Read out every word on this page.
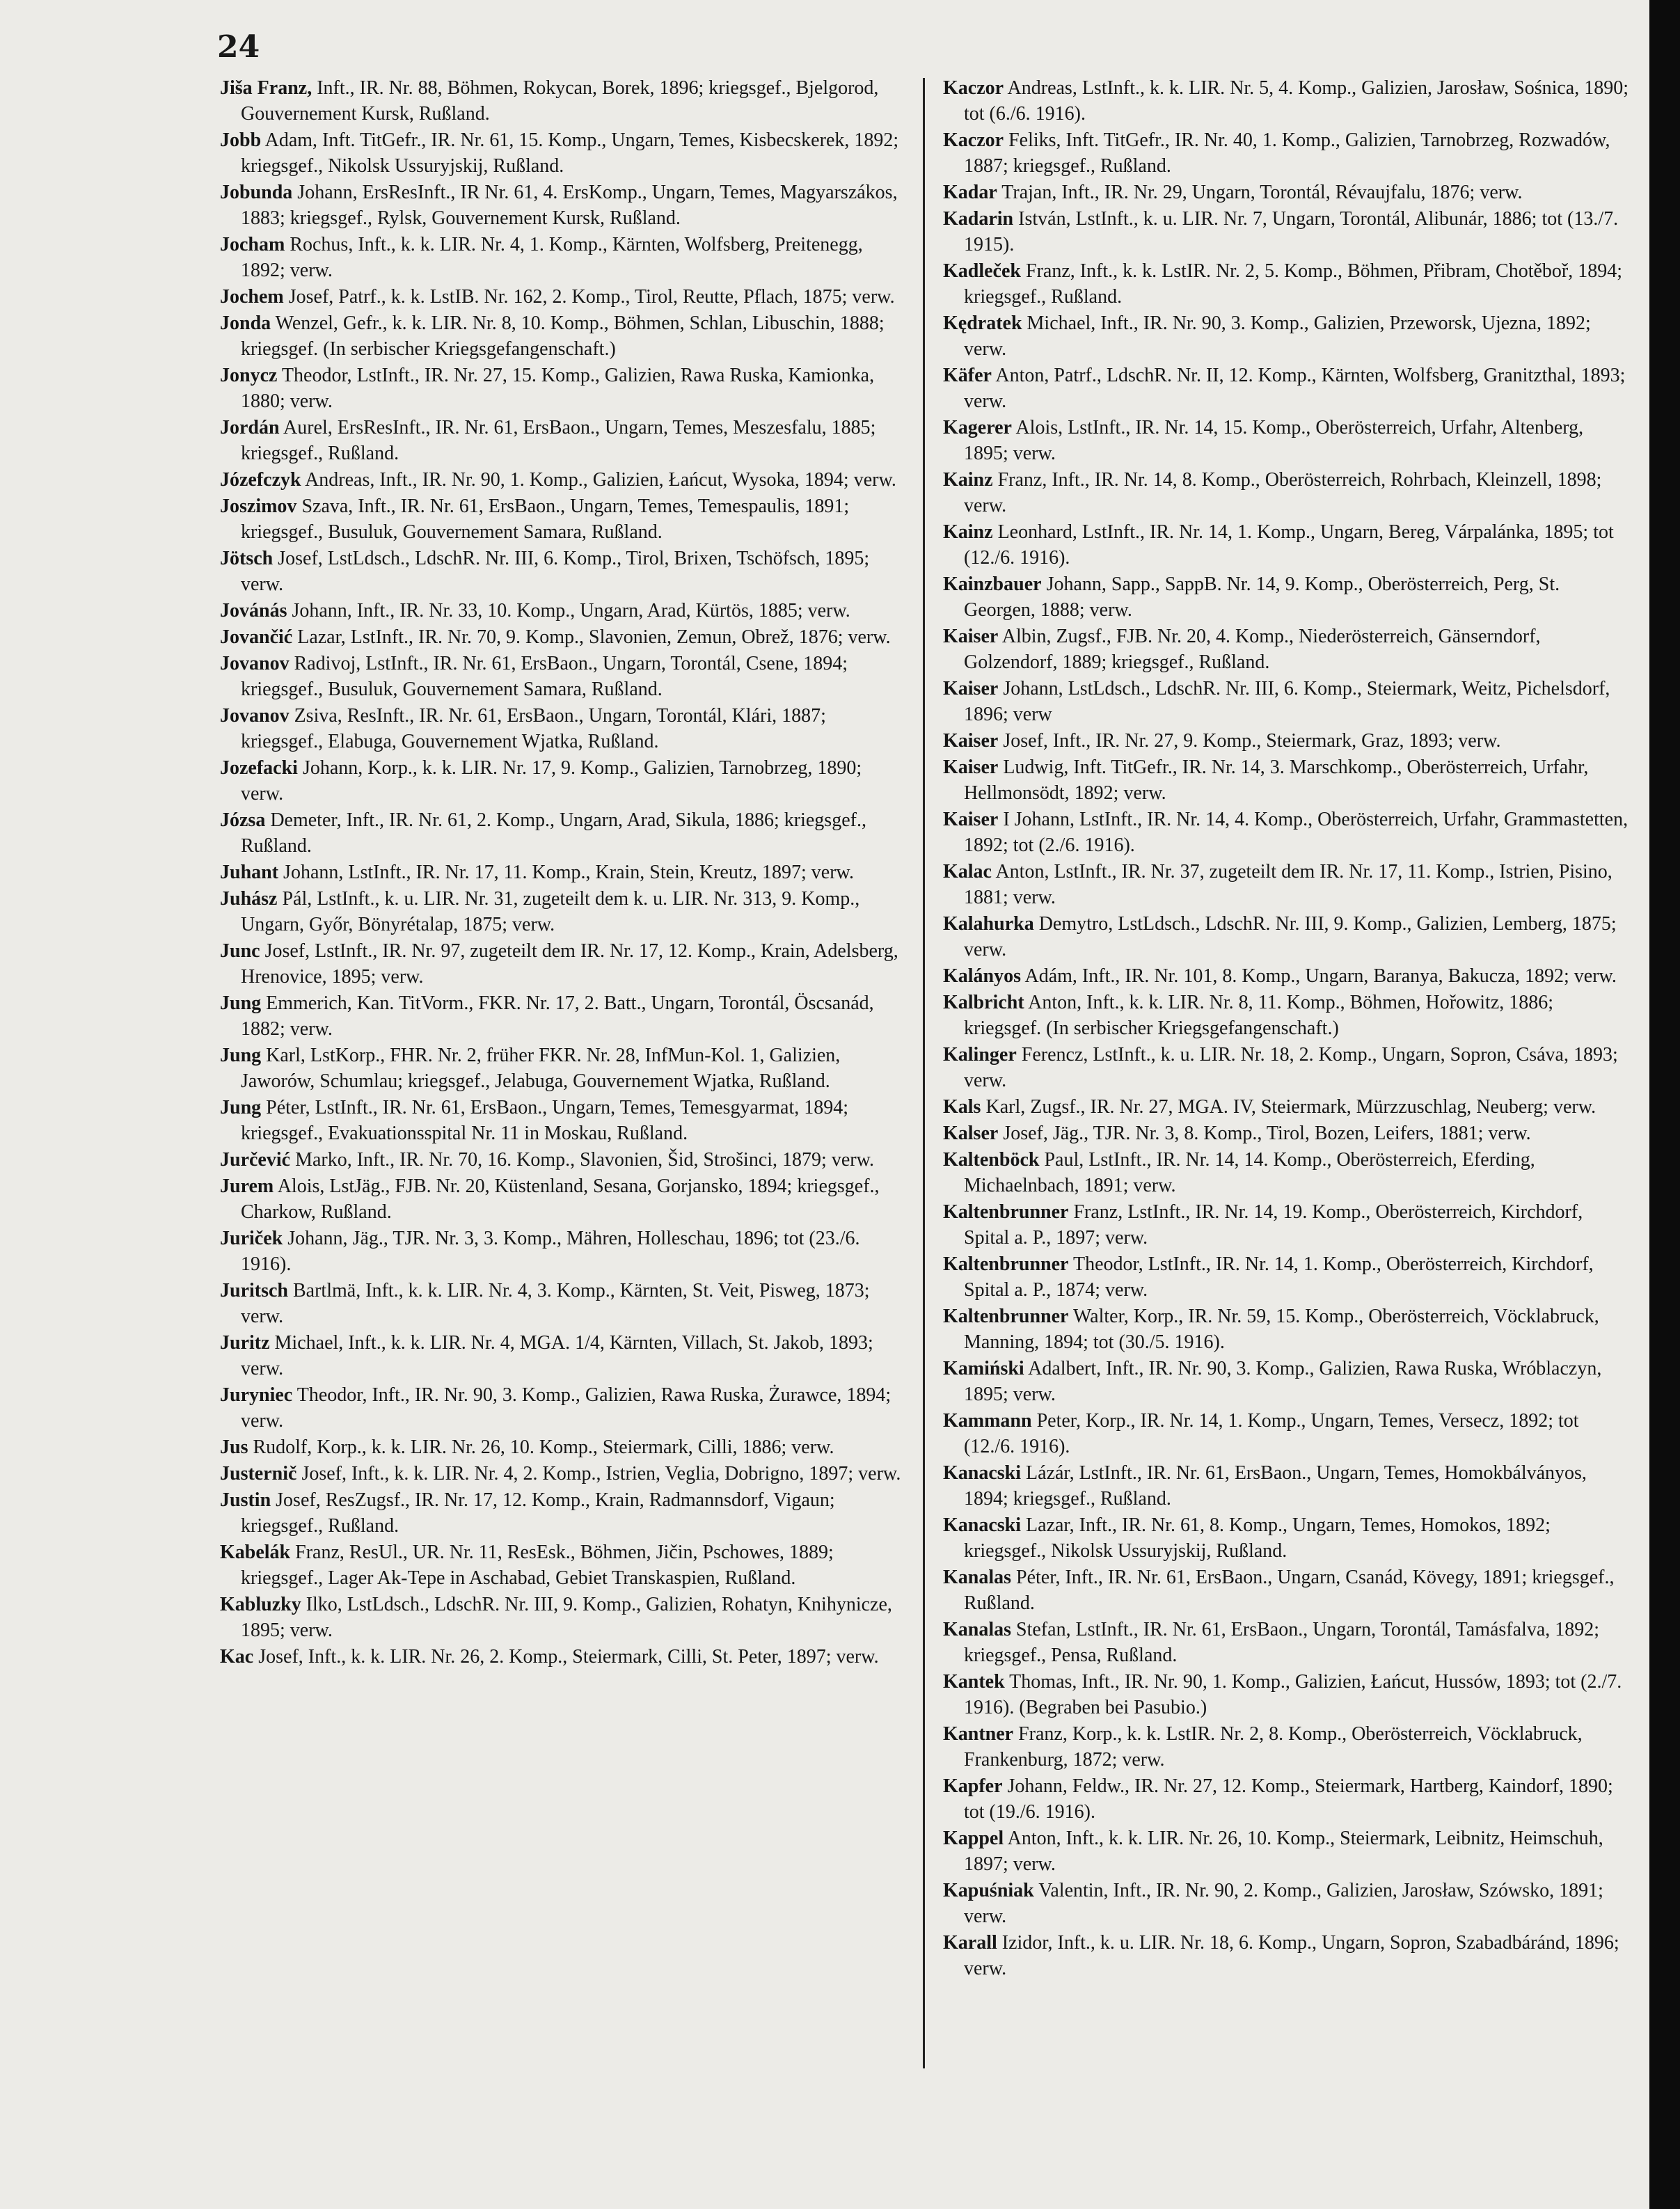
24

Jiša Franz, Inft., IR. Nr. 88, Böhmen, Rokycan, Borek, 1896; kriegsgef., Bjelgorod, Gouvernement Kursk, Rußland.

Jobb Adam, Inft. TitGefr., IR. Nr. 61, 15. Komp., Ungarn, Temes, Kisbecskerek, 1892; kriegsgef., Nikolsk Ussuryjskij, Rußland.

Jobunda Johann, ErsResInft., IR Nr. 61, 4. ErsKomp., Ungarn, Temes, Magyarszákos, 1883; kriegsgef., Rylsk, Gouvernement Kursk, Rußland.

Jocham Rochus, Inft., k. k. LIR. Nr. 4, 1. Komp., Kärnten, Wolfsberg, Preitenegg, 1892; verw.

Jochem Josef, Patrf., k. k. LstIB. Nr. 162, 2. Komp., Tirol, Reutte, Pflach, 1875; verw.

Jonda Wenzel, Gefr., k. k. LIR. Nr. 8, 10. Komp., Böhmen, Schlan, Libuschin, 1888; kriegsgef. (In serbischer Kriegsgefangenschaft.)

Jonycz Theodor, LstInft., IR. Nr. 27, 15. Komp., Galizien, Rawa Ruska, Kamionka, 1880; verw.

Jordán Aurel, ErsResInft., IR. Nr. 61, ErsBaon., Ungarn, Temes, Meszesfalu, 1885; kriegsgef., Rußland.

Józefczyk Andreas, Inft., IR. Nr. 90, 1. Komp., Galizien, Łańcut, Wysoka, 1894; verw.

Joszimov Szava, Inft., IR. Nr. 61, ErsBaon., Ungarn, Temes, Temespaulis, 1891; kriegsgef., Busuluk, Gouvernement Samara, Rußland.

Jötsch Josef, LstLdsch., LdschR. Nr. III, 6. Komp., Tirol, Brixen, Tschöfsch, 1895; verw.

Jovánás Johann, Inft., IR. Nr. 33, 10. Komp., Ungarn, Arad, Kürtös, 1885; verw.

Jovančić Lazar, LstInft., IR. Nr. 70, 9. Komp., Slavonien, Zemun, Obrež, 1876; verw.

Jovanov Radivoj, LstInft., IR. Nr. 61, ErsBaon., Ungarn, Torontál, Csene, 1894; kriegsgef., Busuluk, Gouvernement Samara, Rußland.

Jovanov Zsiva, ResInft., IR. Nr. 61, ErsBaon., Ungarn, Torontál, Klári, 1887; kriegsgef., Elabuga, Gouvernement Wjatka, Rußland.

Jozefacki Johann, Korp., k. k. LIR. Nr. 17, 9. Komp., Galizien, Tarnobrzeg, 1890; verw.

Józsa Demeter, Inft., IR. Nr. 61, 2. Komp., Ungarn, Arad, Sikula, 1886; kriegsgef., Rußland.

Juhant Johann, LstInft., IR. Nr. 17, 11. Komp., Krain, Stein, Kreutz, 1897; verw.

Juhász Pál, LstInft., k. u. LIR. Nr. 31, zugeteilt dem k. u. LIR. Nr. 313, 9. Komp., Ungarn, Győr, Bönyrétalap, 1875; verw.

Junc Josef, LstInft., IR. Nr. 97, zugeteilt dem IR. Nr. 17, 12. Komp., Krain, Adelsberg, Hrenovice, 1895; verw.

Jung Emmerich, Kan. TitVorm., FKR. Nr. 17, 2. Batt., Ungarn, Torontál, Öscsanád, 1882; verw.

Jung Karl, LstKorp., FHR. Nr. 2, früher FKR. Nr. 28, InfMun-Kol. 1, Galizien, Jaworów, Schumlau; kriegsgef., Jelabuga, Gouvernement Wjatka, Rußland.

Jung Péter, LstInft., IR. Nr. 61, ErsBaon., Ungarn, Temes, Temesgyarmat, 1894; kriegsgef., Evakuationsspital Nr. 11 in Moskau, Rußland.

Jurčević Marko, Inft., IR. Nr. 70, 16. Komp., Slavonien, Šid, Strošinci, 1879; verw.

Jurem Alois, LstJäg., FJB. Nr. 20, Küstenland, Sesana, Gorjansko, 1894; kriegsgef., Charkow, Rußland.

Juriček Johann, Jäg., TJR. Nr. 3, 3. Komp., Mähren, Holleschau, 1896; tot (23./6. 1916).

Juritsch Bartlmä, Inft., k. k. LIR. Nr. 4, 3. Komp., Kärnten, St. Veit, Pisweg, 1873; verw.

Juritz Michael, Inft., k. k. LIR. Nr. 4, MGA. 1/4, Kärnten, Villach, St. Jakob, 1893; verw.

Juryniec Theodor, Inft., IR. Nr. 90, 3. Komp., Galizien, Rawa Ruska, Żurawce, 1894; verw.

Jus Rudolf, Korp., k. k. LIR. Nr. 26, 10. Komp., Steiermark, Cilli, 1886; verw.

Justernič Josef, Inft., k. k. LIR. Nr. 4, 2. Komp., Istrien, Veglia, Dobrigno, 1897; verw.

Justin Josef, ResZugsf., IR. Nr. 17, 12. Komp., Krain, Radmannsdorf, Vigaun; kriegsgef., Rußland.

Kabelák Franz, ResUl., UR. Nr. 11, ResEsk., Böhmen, Jičin, Pschowes, 1889; kriegsgef., Lager Ak-Tepe in Aschabad, Gebiet Transkaspien, Rußland.

Kabluzky Ilko, LstLdsch., LdschR. Nr. III, 9. Komp., Galizien, Rohatyn, Knihynicze, 1895; verw.

Kac Josef, Inft., k. k. LIR. Nr. 26, 2. Komp., Steiermark, Cilli, St. Peter, 1897; verw.

Kaczor Andreas, LstInft., k. k. LIR. Nr. 5, 4. Komp., Galizien, Jarosław, Sośnica, 1890; tot (6./6. 1916).

Kaczor Feliks, Inft. TitGefr., IR. Nr. 40, 1. Komp., Galizien, Tarnobrzeg, Rozwadów, 1887; kriegsgef., Rußland.

Kadar Trajan, Inft., IR. Nr. 29, Ungarn, Torontál, Révaujfalu, 1876; verw.

Kadarin István, LstInft., k. u. LIR. Nr. 7, Ungarn, Torontál, Alibunár, 1886; tot (13./7. 1915).

Kadleček Franz, Inft., k. k. LstIR. Nr. 2, 5. Komp., Böhmen, Přibram, Chotěboř, 1894; kriegsgef., Rußland.

Kędratek Michael, Inft., IR. Nr. 90, 3. Komp., Galizien, Przeworsk, Ujezna, 1892; verw.

Käfer Anton, Patrf., LdschR. Nr. II, 12. Komp., Kärnten, Wolfsberg, Granitzthal, 1893; verw.

Kagerer Alois, LstInft., IR. Nr. 14, 15. Komp., Oberösterreich, Urfahr, Altenberg, 1895; verw.

Kainz Franz, Inft., IR. Nr. 14, 8. Komp., Oberösterreich, Rohrbach, Kleinzell, 1898; verw.

Kainz Leonhard, LstInft., IR. Nr. 14, 1. Komp., Ungarn, Bereg, Várpalánka, 1895; tot (12./6. 1916).

Kainzbauer Johann, Sapp., SappB. Nr. 14, 9. Komp., Oberösterreich, Perg, St. Georgen, 1888; verw.

Kaiser Albin, Zugsf., FJB. Nr. 20, 4. Komp., Niederösterreich, Gänserndorf, Golzendorf, 1889; kriegsgef., Rußland.

Kaiser Johann, LstLdsch., LdschR. Nr. III, 6. Komp., Steiermark, Weitz, Pichelsdorf, 1896; verw

Kaiser Josef, Inft., IR. Nr. 27, 9. Komp., Steiermark, Graz, 1893; verw.

Kaiser Ludwig, Inft. TitGefr., IR. Nr. 14, 3. Marschkomp., Oberösterreich, Urfahr, Hellmonsödt, 1892; verw.

Kaiser I Johann, LstInft., IR. Nr. 14, 4. Komp., Oberösterreich, Urfahr, Grammastetten, 1892; tot (2./6. 1916).

Kalac Anton, LstInft., IR. Nr. 37, zugeteilt dem IR. Nr. 17, 11. Komp., Istrien, Pisino, 1881; verw.

Kalahurka Demytro, LstLdsch., LdschR. Nr. III, 9. Komp., Galizien, Lemberg, 1875; verw.

Kalányos Adám, Inft., IR. Nr. 101, 8. Komp., Ungarn, Baranya, Bakucza, 1892; verw.

Kalbricht Anton, Inft., k. k. LIR. Nr. 8, 11. Komp., Böhmen, Hořowitz, 1886; kriegsgef. (In serbischer Kriegsgefangenschaft.)

Kalinger Ferencz, LstInft., k. u. LIR. Nr. 18, 2. Komp., Ungarn, Sopron, Csáva, 1893; verw.

Kals Karl, Zugsf., IR. Nr. 27, MGA. IV, Steiermark, Mürzzuschlag, Neuberg; verw.

Kalser Josef, Jäg., TJR. Nr. 3, 8. Komp., Tirol, Bozen, Leifers, 1881; verw.

Kaltenböck Paul, LstInft., IR. Nr. 14, 14. Komp., Oberösterreich, Eferding, Michaelnbach, 1891; verw.

Kaltenbrunner Franz, LstInft., IR. Nr. 14, 19. Komp., Oberösterreich, Kirchdorf, Spital a. P., 1897; verw.

Kaltenbrunner Theodor, LstInft., IR. Nr. 14, 1. Komp., Oberösterreich, Kirchdorf, Spital a. P., 1874; verw.

Kaltenbrunner Walter, Korp., IR. Nr. 59, 15. Komp., Oberösterreich, Vöcklabruck, Manning, 1894; tot (30./5. 1916).

Kamiński Adalbert, Inft., IR. Nr. 90, 3. Komp., Galizien, Rawa Ruska, Wróblaczyn, 1895; verw.

Kammann Peter, Korp., IR. Nr. 14, 1. Komp., Ungarn, Temes, Versecz, 1892; tot (12./6. 1916).

Kanacski Lázár, LstInft., IR. Nr. 61, ErsBaon., Ungarn, Temes, Homokbálványos, 1894; kriegsgef., Rußland.

Kanacski Lazar, Inft., IR. Nr. 61, 8. Komp., Ungarn, Temes, Homokos, 1892; kriegsgef., Nikolsk Ussuryjskij, Rußland.

Kanalas Péter, Inft., IR. Nr. 61, ErsBaon., Ungarn, Csanád, Kövegy, 1891; kriegsgef., Rußland.

Kanalas Stefan, LstInft., IR. Nr. 61, ErsBaon., Ungarn, Torontál, Tamásfalva, 1892; kriegsgef., Pensa, Rußland.

Kantek Thomas, Inft., IR. Nr. 90, 1. Komp., Galizien, Łańcut, Hussów, 1893; tot (2./7. 1916). (Begraben bei Pasubio.)

Kantner Franz, Korp., k. k. LstIR. Nr. 2, 8. Komp., Oberösterreich, Vöcklabruck, Frankenburg, 1872; verw.

Kapfer Johann, Feldw., IR. Nr. 27, 12. Komp., Steiermark, Hartberg, Kaindorf, 1890; tot (19./6. 1916).

Kappel Anton, Inft., k. k. LIR. Nr. 26, 10. Komp., Steiermark, Leibnitz, Heimschuh, 1897; verw.

Kapuśniak Valentin, Inft., IR. Nr. 90, 2. Komp., Galizien, Jarosław, Szówsko, 1891; verw.

Karall Izidor, Inft., k. u. LIR. Nr. 18, 6. Komp., Ungarn, Sopron, Szabadbáránd, 1896; verw.
